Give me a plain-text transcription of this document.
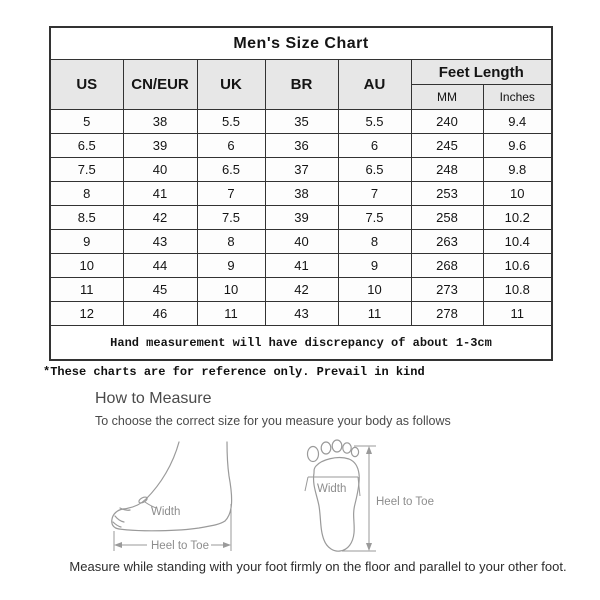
Men's Size Chart						
US	CN/EUR	UK	BR	AU	Feet Length	
					MM	Inches
5	38	5.5	35	5.5	240	9.4
6.5	39	6	36	6	245	9.6
7.5	40	6.5	37	6.5	248	9.8
8	41	7	38	7	253	10
8.5	42	7.5	39	7.5	258	10.2
9	43	8	40	8	263	10.4
10	44	9	41	9	268	10.6
11	45	10	42	10	273	10.8
12	46	11	43	11	278	11
Hand measurement will have discrepancy of about 1-3cm						
*These charts are for reference only. Prevail in kind
How to Measure
To choose the correct size for you measure your body as follows
Width
Heel to Toe
Width
Heel to Toe
Measure while standing with your foot firmly on the floor and parallel to your other foot.
